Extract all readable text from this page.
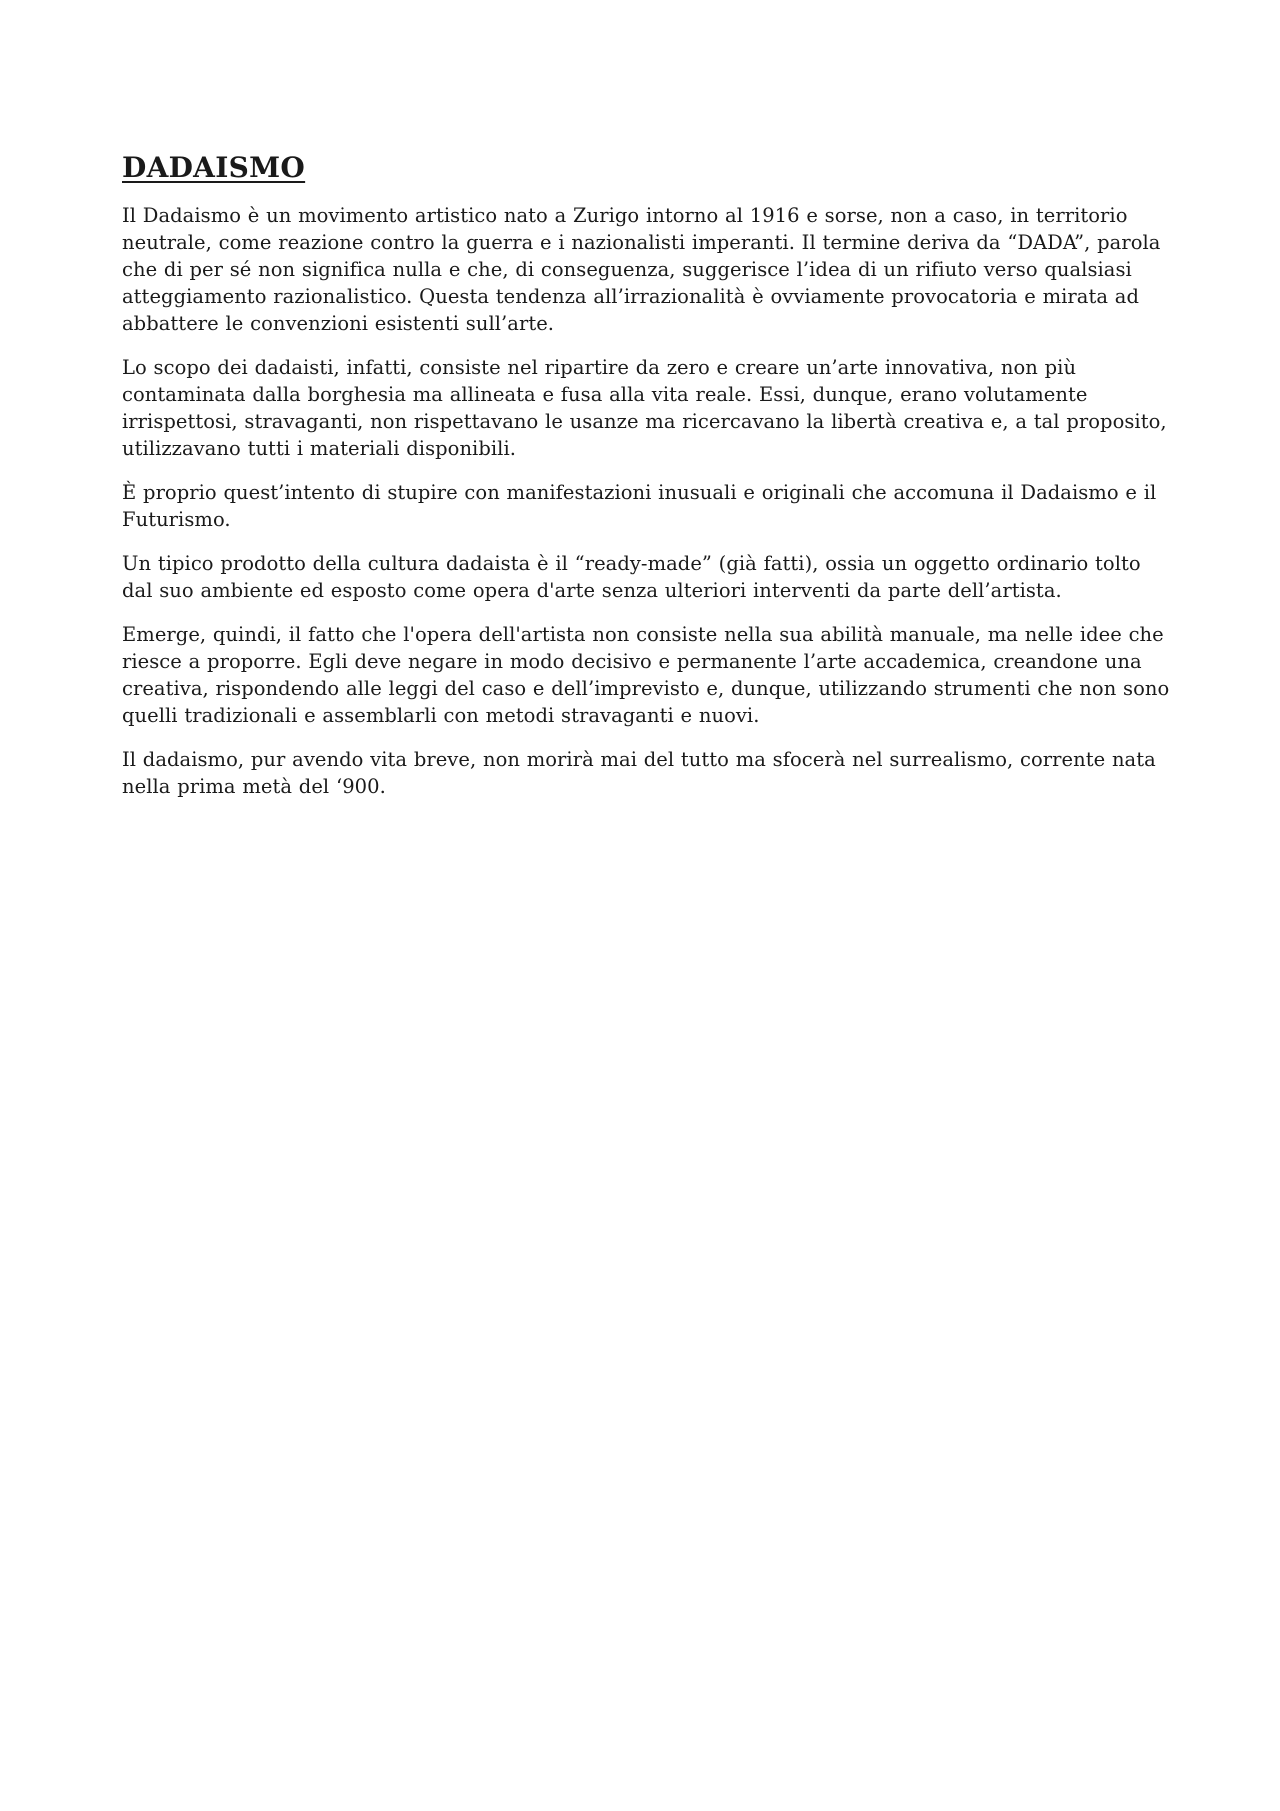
DADAISMO

Il Dadaismo è un movimento artistico nato a Zurigo intorno al 1916 e sorse, non a caso, in territorio neutrale, come reazione contro la guerra e i nazionalisti imperanti. Il termine deriva da “DADA”, parola che di per sé non significa nulla e che, di conseguenza, suggerisce l’idea di un rifiuto verso qualsiasi atteggiamento razionalistico. Questa tendenza all’irrazionalità è ovviamente provocatoria e mirata ad abbattere le convenzioni esistenti sull’arte.

Lo scopo dei dadaisti, infatti, consiste nel ripartire da zero e creare un’arte innovativa, non più contaminata dalla borghesia ma allineata e fusa alla vita reale. Essi, dunque, erano volutamente irrispettosi, stravaganti, non rispettavano le usanze ma ricercavano la libertà creativa e, a tal proposito, utilizzavano tutti i materiali disponibili.

È proprio quest’intento di stupire con manifestazioni inusuali e originali che accomuna il Dadaismo e il Futurismo.

Un tipico prodotto della cultura dadaista è il “ready-made” (già fatti), ossia un oggetto ordinario tolto dal suo ambiente ed esposto come opera d'arte senza ulteriori interventi da parte dell’artista.

Emerge, quindi, il fatto che l'opera dell'artista non consiste nella sua abilità manuale, ma nelle idee che riesce a proporre. Egli deve negare in modo decisivo e permanente l’arte accademica, creandone una creativa, rispondendo alle leggi del caso e dell’imprevisto e, dunque, utilizzando strumenti che non sono quelli tradizionali e assemblarli con metodi stravaganti e nuovi.

Il dadaismo, pur avendo vita breve, non morirà mai del tutto ma sfocerà nel surrealismo, corrente nata nella prima metà del ‘900.
